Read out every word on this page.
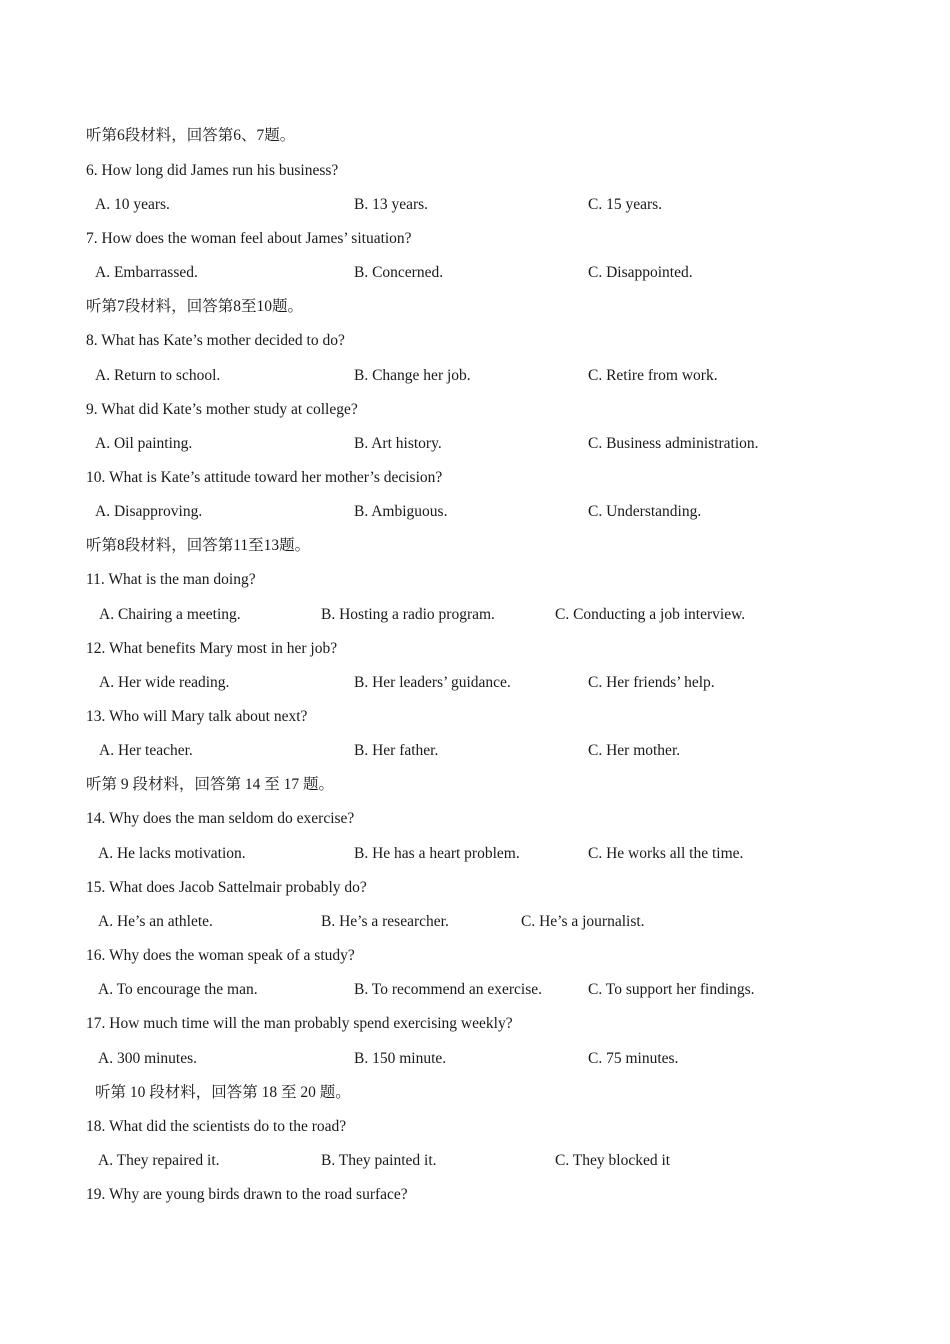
听第6段材料，回答第6、7题。
6. How long did James run his business?
A. 10 years.	B. 13 years.	C. 15 years.
7. How does the woman feel about James’ situation?
A. Embarrassed.	B. Concerned.	C. Disappointed.
听第7段材料，回答第8至10题。
8. What has Kate’s mother decided to do?
A. Return to school.	B. Change her job.	C. Retire from work.
9. What did Kate’s mother study at college?
A. Oil painting.	B. Art history.	C. Business administration.
10. What is Kate’s attitude toward her mother’s decision?
A. Disapproving.	B. Ambiguous.	C. Understanding.
听第8段材料，回答第11至13题。
11. What is the man doing?
A. Chairing a meeting.	B. Hosting a radio program.	C. Conducting a job interview.
12. What benefits Mary most in her job?
A. Her wide reading.	B. Her leaders’ guidance.	C. Her friends’ help.
13. Who will Mary talk about next?
A. Her teacher.	B. Her father.	C. Her mother.
听第 9 段材料，回答第 14 至 17 题。
14. Why does the man seldom do exercise?
A. He lacks motivation.	B. He has a heart problem.	C. He works all the time.
15. What does Jacob Sattelmair probably do?
A. He’s an athlete.	B. He’s a researcher.	C. He’s a journalist.
16. Why does the woman speak of a study?
A. To encourage the man.	B. To recommend an exercise.	C. To support her findings.
17. How much time will the man probably spend exercising weekly?
A. 300 minutes.	B. 150 minute.	C. 75 minutes.
听第 10 段材料，回答第 18 至 20 题。
18. What did the scientists do to the road?
A. They repaired it.	B. They painted it.	C. They blocked it
19. Why are young birds drawn to the road surface?
